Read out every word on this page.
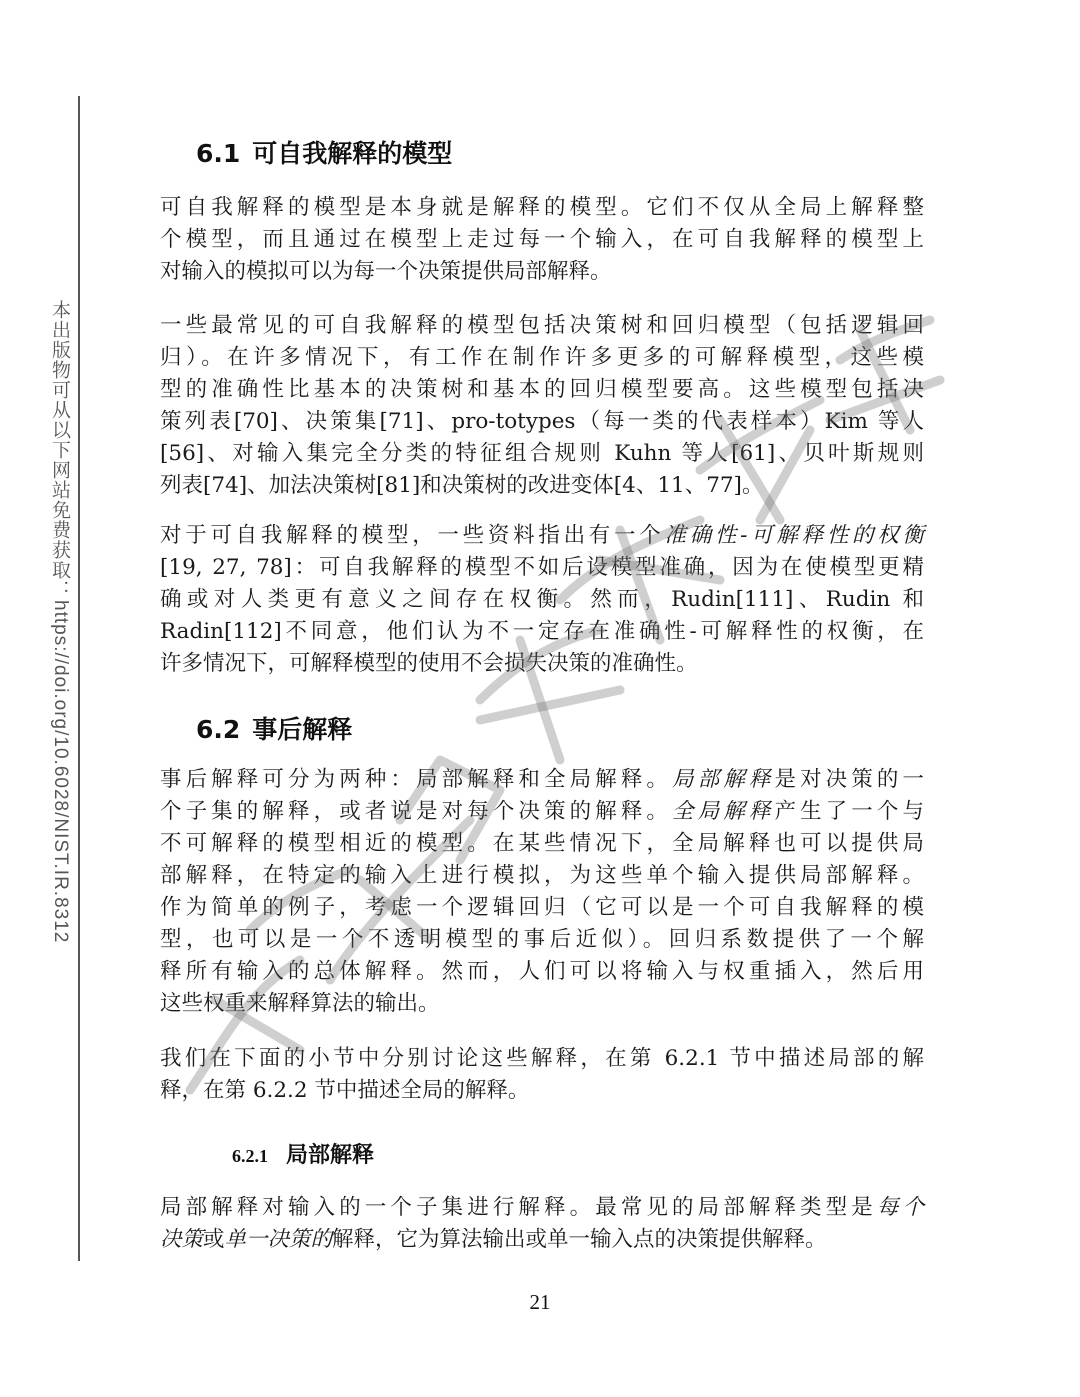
本出版物可从以下网站免费获取：https://doi.org/10.6028/NIST.IR.8312
6.1 可自我解释的模型
可自我解释的模型是本身就是解释的模型。它们不仅从全局上解释整
个模型，而且通过在模型上走过每一个输入，在可自我解释的模型上
对输入的模拟可以为每一个决策提供局部解释。
一些最常见的可自我解释的模型包括决策树和回归模型（包括逻辑回
归）。在许多情况下，有工作在制作许多更多的可解释模型，这些模
型的准确性比基本的决策树和基本的回归模型要高。这些模型包括决
策列表[70]、决策集[71]、pro-totypes（每一类的代表样本）Kim 等人
[56]、对输入集完全分类的特征组合规则 Kuhn 等人[61]、贝叶斯规则
列表[74]、加法决策树[81]和决策树的改进变体[4、11、77]。
对于可自我解释的模型，一些资料指出有一个准确性-可解释性的权衡
[19, 27, 78]：可自我解释的模型不如后设模型准确，因为在使模型更精
确或对人类更有意义之间存在权衡。然而，Rudin[111]、Rudin 和
Radin[112]不同意，他们认为不一定存在准确性-可解释性的权衡，在
许多情况下，可解释模型的使用不会损失决策的准确性。
6.2 事后解释
事后解释可分为两种：局部解释和全局解释。局部解释是对决策的一
个子集的解释，或者说是对每个决策的解释。全局解释产生了一个与
不可解释的模型相近的模型。在某些情况下，全局解释也可以提供局
部解释，在特定的输入上进行模拟，为这些单个输入提供局部解释。
作为简单的例子，考虑一个逻辑回归（它可以是一个可自我解释的模
型，也可以是一个不透明模型的事后近似）。回归系数提供了一个解
释所有输入的总体解释。然而，人们可以将输入与权重插入，然后用
这些权重来解释算法的输出。
我们在下面的小节中分别讨论这些解释，在第 6.2.1 节中描述局部的解
释，在第 6.2.2 节中描述全局的解释。
6.2.1 局部解释
局部解释对输入的一个子集进行解释。最常见的局部解释类型是每个
决策或单一决策的解释，它为算法输出或单一输入点的决策提供解释。
21
